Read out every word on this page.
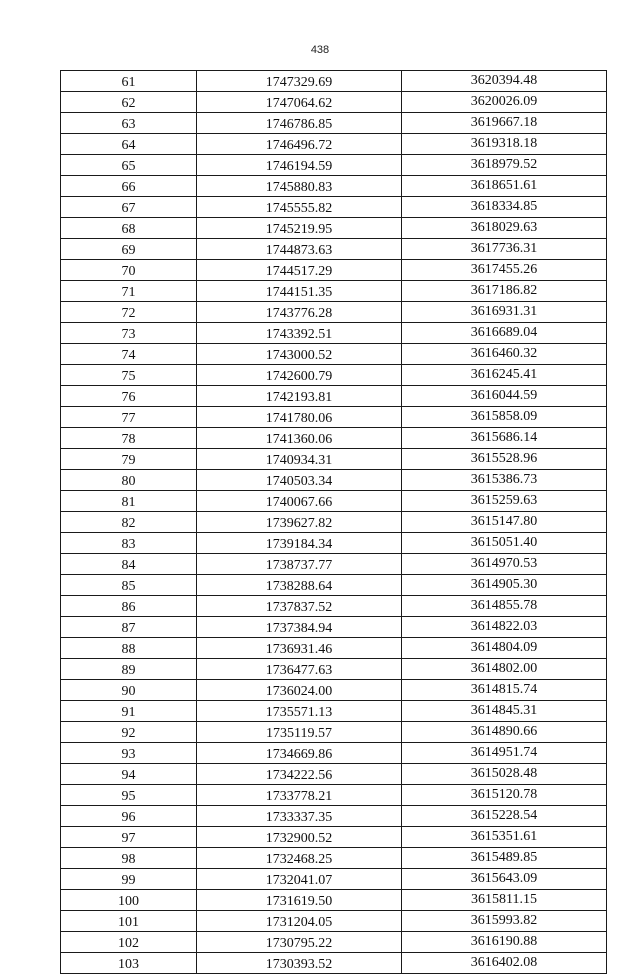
438
61	1747329.69	3620394.48
62	1747064.62	3620026.09
63	1746786.85	3619667.18
64	1746496.72	3619318.18
65	1746194.59	3618979.52
66	1745880.83	3618651.61
67	1745555.82	3618334.85
68	1745219.95	3618029.63
69	1744873.63	3617736.31
70	1744517.29	3617455.26
71	1744151.35	3617186.82
72	1743776.28	3616931.31
73	1743392.51	3616689.04
74	1743000.52	3616460.32
75	1742600.79	3616245.41
76	1742193.81	3616044.59
77	1741780.06	3615858.09
78	1741360.06	3615686.14
79	1740934.31	3615528.96
80	1740503.34	3615386.73
81	1740067.66	3615259.63
82	1739627.82	3615147.80
83	1739184.34	3615051.40
84	1738737.77	3614970.53
85	1738288.64	3614905.30
86	1737837.52	3614855.78
87	1737384.94	3614822.03
88	1736931.46	3614804.09
89	1736477.63	3614802.00
90	1736024.00	3614815.74
91	1735571.13	3614845.31
92	1735119.57	3614890.66
93	1734669.86	3614951.74
94	1734222.56	3615028.48
95	1733778.21	3615120.78
96	1733337.35	3615228.54
97	1732900.52	3615351.61
98	1732468.25	3615489.85
99	1732041.07	3615643.09
100	1731619.50	3615811.15
101	1731204.05	3615993.82
102	1730795.22	3616190.88
103	1730393.52	3616402.08
